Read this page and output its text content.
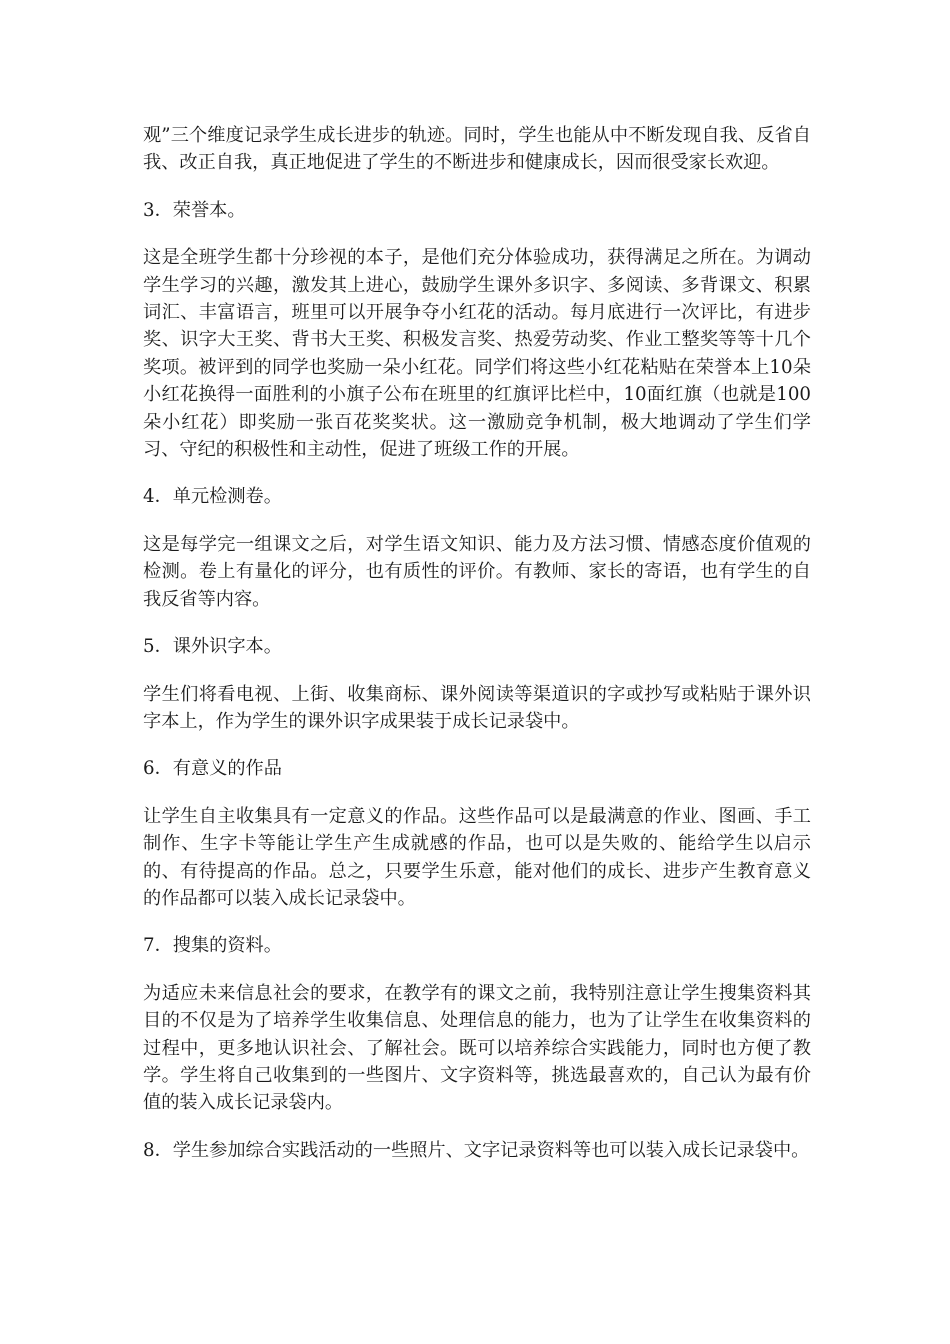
观”三个维度记录学生成长进步的轨迹。同时，学生也能从中不断发现自我、反省自我、改正自我，真正地促进了学生的不断进步和健康成长，因而很受家长欢迎。

3．荣誉本。

这是全班学生都十分珍视的本子，是他们充分体验成功，获得满足之所在。为调动学生学习的兴趣，激发其上进心，鼓励学生课外多识字、多阅读、多背课文、积累词汇、丰富语言，班里可以开展争夺小红花的活动。每月底进行一次评比，有进步奖、识字大王奖、背书大王奖、积极发言奖、热爱劳动奖、作业工整奖等等十几个奖项。被评到的同学也奖励一朵小红花。同学们将这些小红花粘贴在荣誉本上10朵小红花换得一面胜利的小旗子公布在班里的红旗评比栏中，10面红旗（也就是100朵小红花）即奖励一张百花奖奖状。这一激励竞争机制，极大地调动了学生们学习、守纪的积极性和主动性，促进了班级工作的开展。

4．单元检测卷。

这是每学完一组课文之后，对学生语文知识、能力及方法习惯、情感态度价值观的检测。卷上有量化的评分，也有质性的评价。有教师、家长的寄语，也有学生的自我反省等内容。

5．课外识字本。

学生们将看电视、上街、收集商标、课外阅读等渠道识的字或抄写或粘贴于课外识字本上，作为学生的课外识字成果装于成长记录袋中。

6．有意义的作品

让学生自主收集具有一定意义的作品。这些作品可以是最满意的作业、图画、手工制作、生字卡等能让学生产生成就感的作品，也可以是失败的、能给学生以启示的、有待提高的作品。总之，只要学生乐意，能对他们的成长、进步产生教育意义的作品都可以装入成长记录袋中。

7．搜集的资料。

为适应未来信息社会的要求，在教学有的课文之前，我特别注意让学生搜集资料其目的不仅是为了培养学生收集信息、处理信息的能力，也为了让学生在收集资料的过程中，更多地认识社会、了解社会。既可以培养综合实践能力，同时也方便了教学。学生将自己收集到的一些图片、文字资料等，挑选最喜欢的，自己认为最有价值的装入成长记录袋内。

8．学生参加综合实践活动的一些照片、文字记录资料等也可以装入成长记录袋中。
